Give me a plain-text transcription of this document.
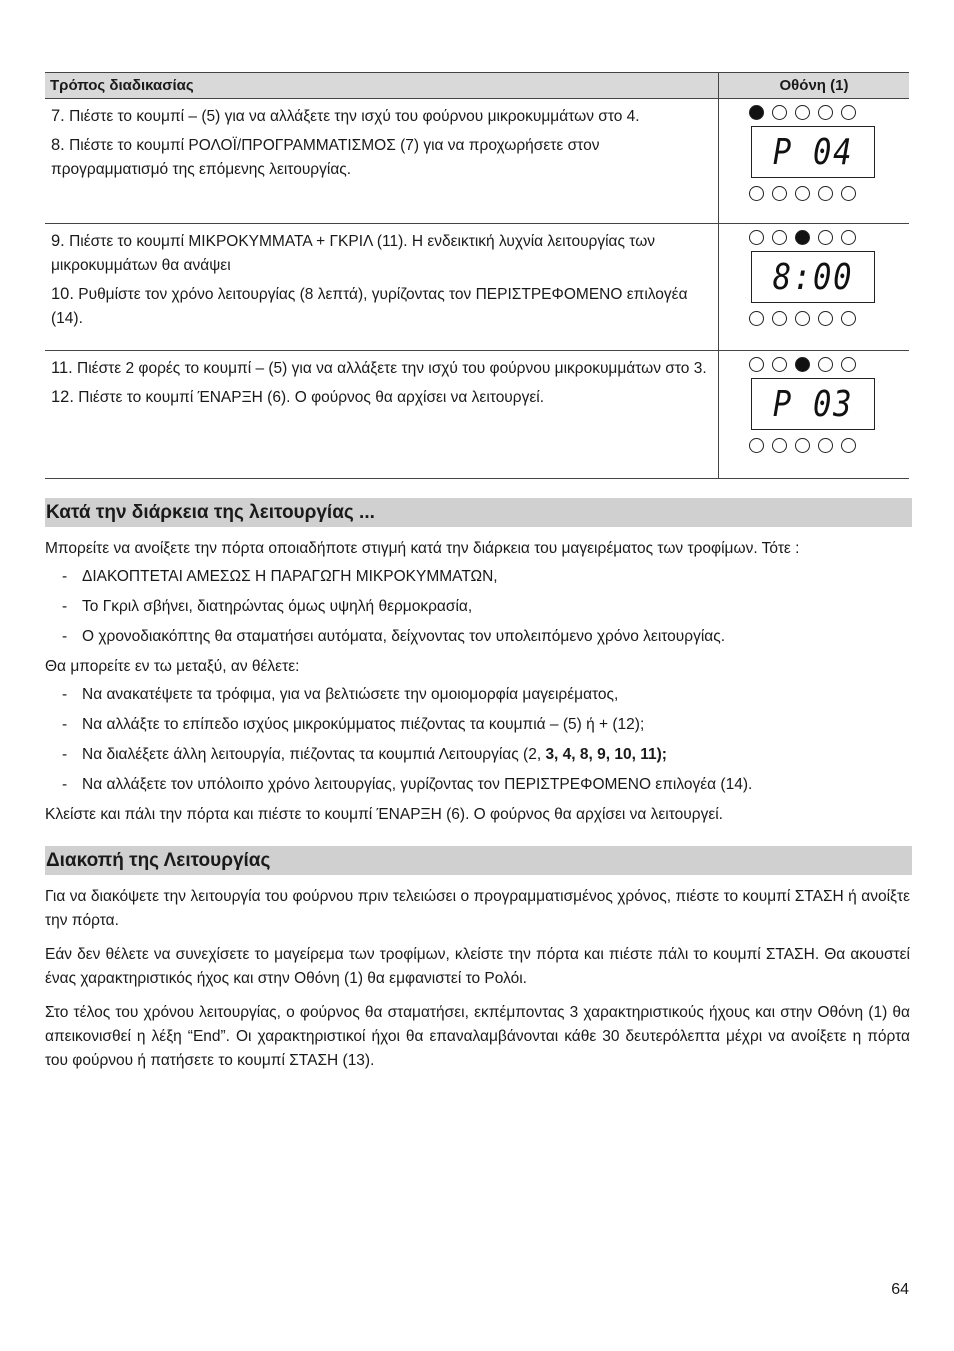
Τρόπος διαδικασίας	Οθόνη (1)

7. Πιέστε το κουμπί – (5) για να αλλάξετε την ισχύ του φούρνου μικροκυμμάτων στο 4.
8. Πιέστε το κουμπί ΡΟΛΟΪ/ΠΡΟΓΡΑΜΜΑΤΙΣΜΟΣ (7) για να προχωρήσετε στον προγραμματισμό της επόμενης λειτουργίας.	P 04

9. Πιέστε το κουμπί ΜΙΚΡΟΚΥΜΜΑΤΑ + ΓΚΡΙΛ (11). Η ενδεικτική λυχνία λειτουργίας των μικροκυμμάτων θα ανάψει
10. Ρυθμίστε τον χρόνο λειτουργίας (8 λεπτά), γυρίζοντας τον ΠΕΡΙΣΤΡΕΦΟΜΕΝΟ επιλογέα (14).	8:00

11. Πιέστε 2 φορές το κουμπί – (5) για να αλλάξετε την ισχύ του φούρνου μικροκυμμάτων στο 3.
12. Πιέστε το κουμπί ΈΝΑΡΞΗ (6). Ο φούρνος θα αρχίσει να λειτουργεί.	P 03
Κατά την διάρκεια της λειτουργίας ...

Μπορείτε να ανοίξετε την πόρτα οποιαδήποτε στιγμή κατά την διάρκεια του μαγειρέματος των τροφίμων. Τότε :

- ΔΙΑΚΟΠΤΕΤΑΙ ΑΜΕΣΩΣ Η ΠΑΡΑΓΩΓΗ ΜΙΚΡΟΚΥΜΜΑΤΩΝ,
- Το Γκριλ σβήνει, διατηρώντας όμως υψηλή θερμοκρασία,
- Ο χρονοδιακόπτης θα σταματήσει αυτόματα, δείχνοντας τον υπολειπόμενο χρόνο λειτουργίας.

Θα μπορείτε εν τω μεταξύ, αν θέλετε:

- Να ανακατέψετε τα τρόφιμα, για να βελτιώσετε την ομοιομορφία μαγειρέματος,
- Να αλλάξτε το επίπεδο ισχύος μικροκύμματος πιέζοντας τα κουμπιά – (5) ή + (12);
- Να διαλέξετε άλλη λειτουργία, πιέζοντας τα κουμπιά Λειτουργίας (2, 3, 4, 8, 9, 10, 11);
- Να αλλάξετε τον υπόλοιπο χρόνο λειτουργίας, γυρίζοντας τον ΠΕΡΙΣΤΡΕΦΟΜΕΝΟ επιλογέα (14).

Κλείστε και πάλι την πόρτα και πιέστε το κουμπί ΈΝΑΡΞΗ (6). Ο φούρνος θα αρχίσει να λειτουργεί.

Διακοπή της Λειτουργίας

Για να διακόψετε την λειτουργία του φούρνου πριν τελειώσει ο προγραμματισμένος χρόνος, πιέστε το κουμπί ΣΤΑΣΗ ή ανοίξτε την πόρτα.

Εάν δεν θέλετε να συνεχίσετε το μαγείρεμα των τροφίμων, κλείστε την πόρτα και πιέστε πάλι το κουμπί ΣΤΑΣΗ. Θα ακουστεί ένας χαρακτηριστικός ήχος και στην Οθόνη (1) θα εμφανιστεί το Ρολόι.

Στο τέλος του χρόνου λειτουργίας, ο φούρνος θα σταματήσει, εκπέμποντας 3 χαρακτηριστικούς ήχους και στην Οθόνη (1) θα απεικονισθεί η λέξη “End”. Οι χαρακτηριστικοί ήχοι θα επαναλαμβάνονται κάθε 30 δευτερόλεπτα μέχρι να ανοίξετε η πόρτα του φούρνου ή πατήσετε το κουμπί ΣΤΑΣΗ (13).

64
